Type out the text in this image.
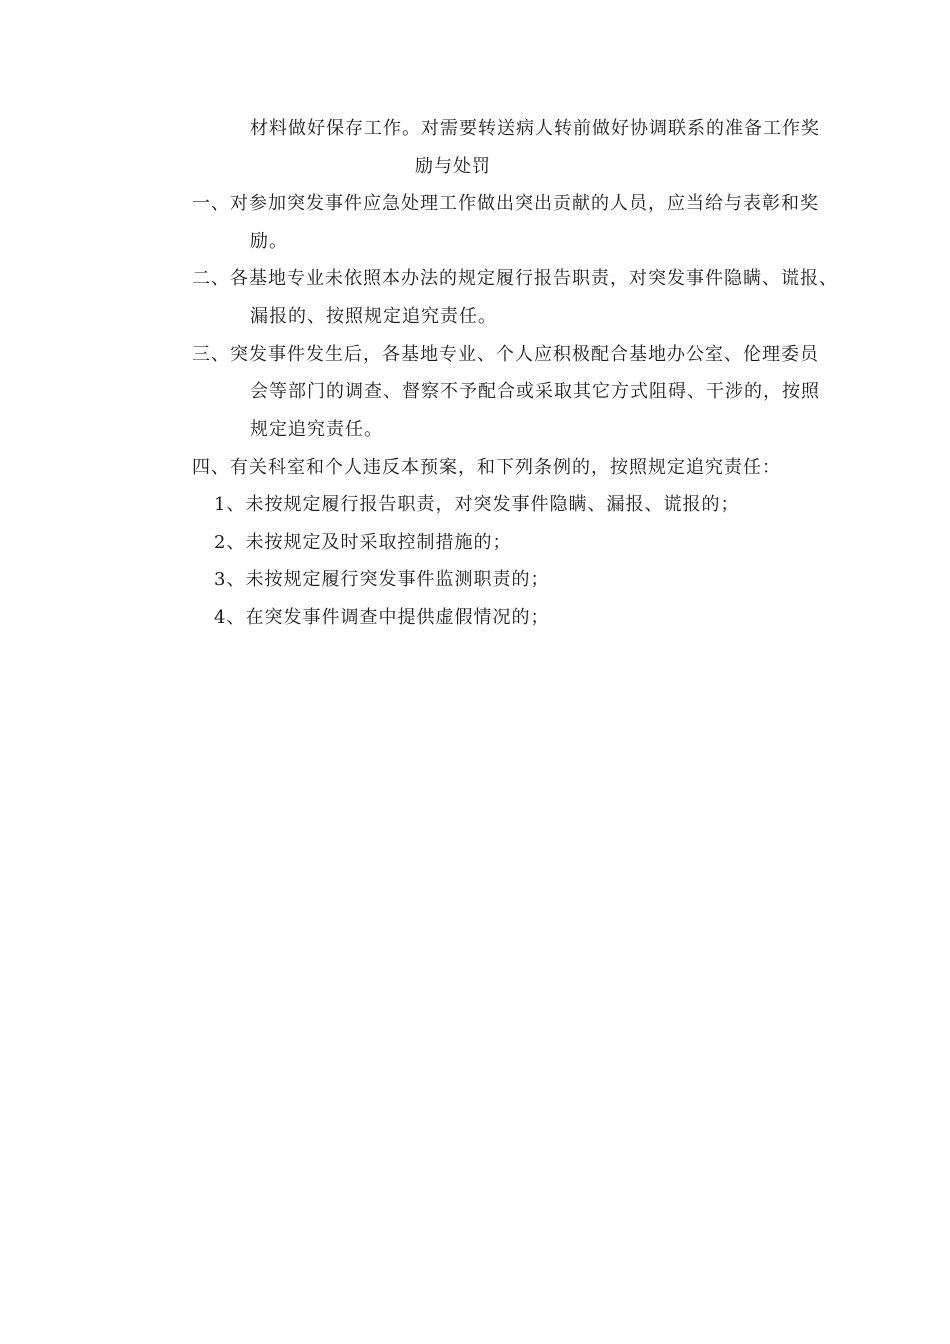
材料做好保存工作。对需要转送病人转前做好协调联系的准备工作奖
励与处罚
一、对参加突发事件应急处理工作做出突出贡献的人员，应当给与表彰和奖
励。
二、各基地专业未依照本办法的规定履行报告职责，对突发事件隐瞒、谎报、
漏报的、按照规定追究责任。
三、突发事件发生后，各基地专业、个人应积极配合基地办公室、伦理委员
会等部门的调查、督察不予配合或采取其它方式阻碍、干涉的，按照
规定追究责任。
四、有关科室和个人违反本预案，和下列条例的，按照规定追究责任：
1、未按规定履行报告职责，对突发事件隐瞒、漏报、谎报的；
2、未按规定及时采取控制措施的；
3、未按规定履行突发事件监测职责的；
4、在突发事件调查中提供虚假情况的；
